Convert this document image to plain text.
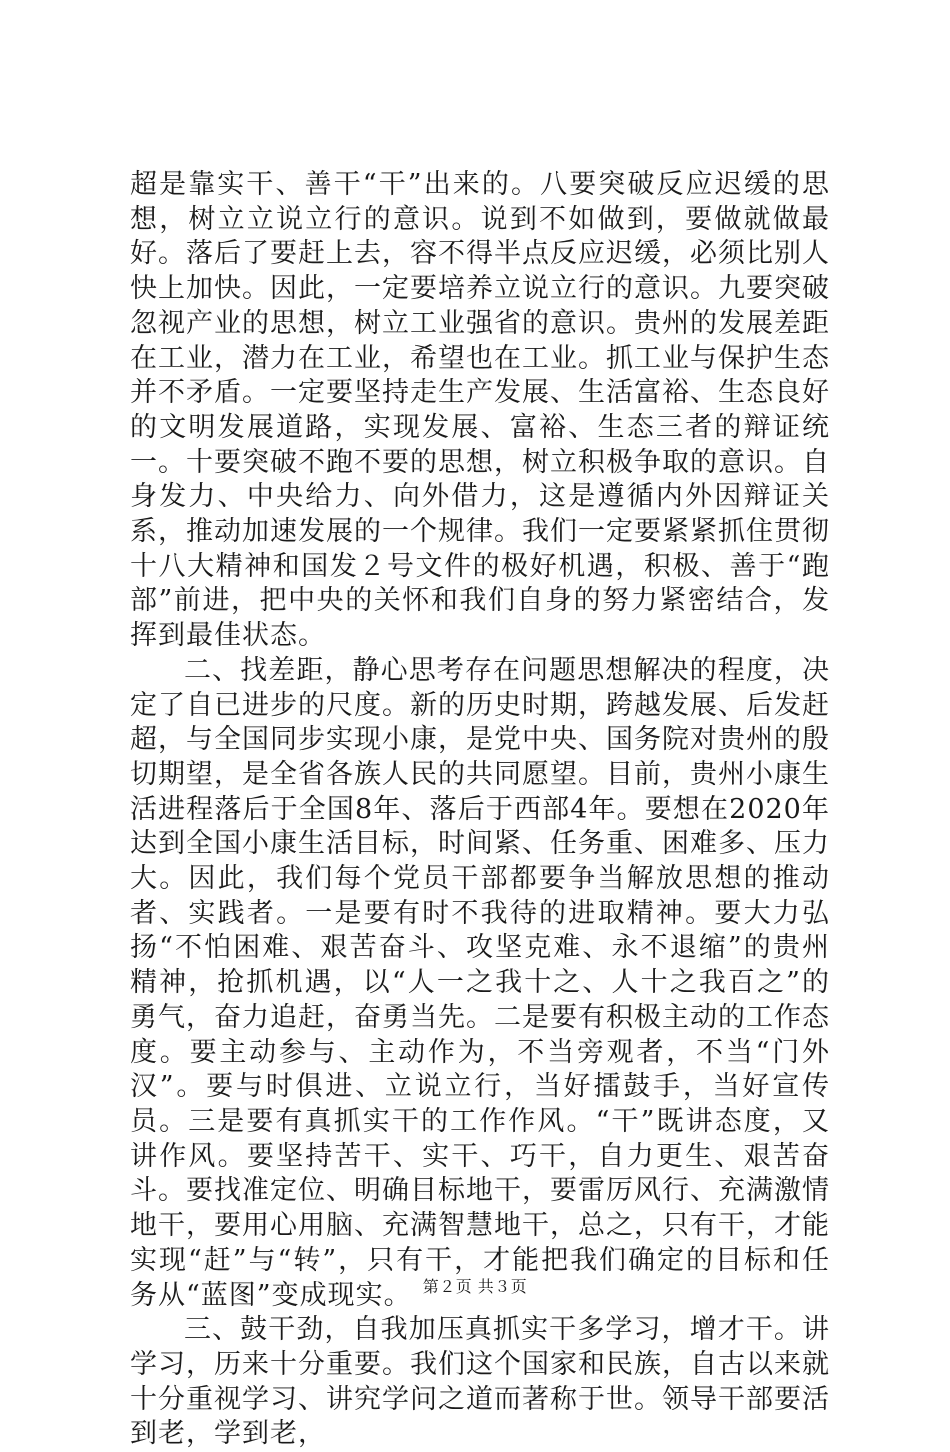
超是靠实干、善干“干”出来的。八要突破反应迟缓的思想，树立立说立行的意识。说到不如做到，要做就做最好。落后了要赶上去，容不得半点反应迟缓，必须比别人快上加快。因此，一定要培养立说立行的意识。九要突破忽视产业的思想，树立工业强省的意识。贵州的发展差距在工业，潜力在工业，希望也在工业。抓工业与保护生态并不矛盾。一定要坚持走生产发展、生活富裕、生态良好的文明发展道路，实现发展、富裕、生态三者的辩证统一。十要突破不跑不要的思想，树立积极争取的意识。自身发力、中央给力、向外借力，这是遵循内外因辩证关系，推动加速发展的一个规律。我们一定要紧紧抓住贯彻十八大精神和国发２号文件的极好机遇，积极、善于“跑部”前进，把中央的关怀和我们自身的努力紧密结合，发挥到最佳状态。

二、找差距，静心思考存在问题思想解决的程度，决定了自已进步的尺度。新的历史时期，跨越发展、后发赶超，与全国同步实现小康，是党中央、国务院对贵州的殷切期望，是全省各族人民的共同愿望。目前，贵州小康生活进程落后于全国8年、落后于西部4年。要想在2020年达到全国小康生活目标，时间紧、任务重、困难多、压力大。因此，我们每个党员干部都要争当解放思想的推动者、实践者。一是要有时不我待的进取精神。要大力弘扬“不怕困难、艰苦奋斗、攻坚克难、永不退缩”的贵州精神，抢抓机遇，以“人一之我十之、人十之我百之”的勇气，奋力追赶，奋勇当先。二是要有积极主动的工作态度。要主动参与、主动作为，不当旁观者，不当“门外汉”。要与时俱进、立说立行，当好擂鼓手，当好宣传员。三是要有真抓实干的工作作风。“干”既讲态度，又讲作风。要坚持苦干、实干、巧干，自力更生、艰苦奋斗。要找准定位、明确目标地干，要雷厉风行、充满激情地干，要用心用脑、充满智慧地干，总之，只有干，才能实现“赶”与“转”，只有干，才能把我们确定的目标和任务从“蓝图”变成现实。

三、鼓干劲，自我加压真抓实干多学习，增才干。讲学习，历来十分重要。我们这个国家和民族，自古以来就十分重视学习、讲究学问之道而著称于世。领导干部要活到老，学到老，

第２页 共３页
